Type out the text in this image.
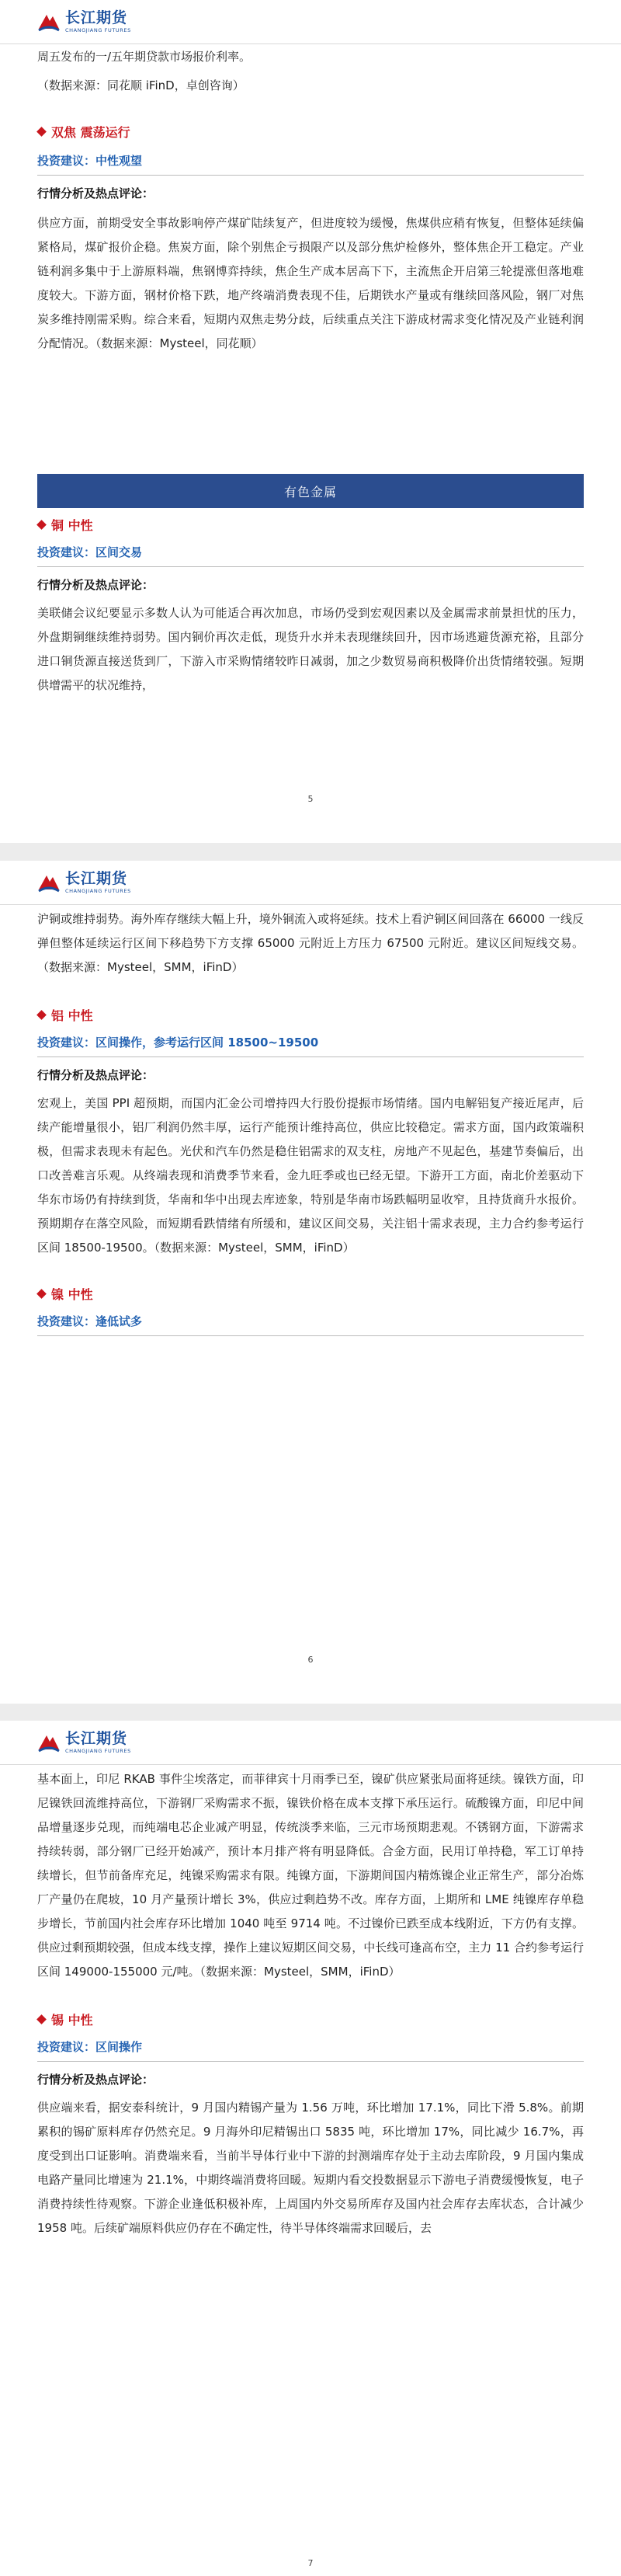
长江期货
CHANGJIANG FUTURES

周五发布的一/五年期贷款市场报价利率。

（数据来源：同花顺 iFinD，卓创咨询）

双焦 震荡运行
投资建议：中性观望
行情分析及热点评论：

供应方面，前期受安全事故影响停产煤矿陆续复产，但进度较为缓慢，焦煤供应稍有恢复，但整体延续偏紧格局，煤矿报价企稳。焦炭方面，除个别焦企亏损限产以及部分焦炉检修外，整体焦企开工稳定。产业链利润多集中于上游原料端，焦钢博弈持续，焦企生产成本居高下下，主流焦企开启第三轮提涨但落地难度较大。下游方面，钢材价格下跌，地产终端消费表现不佳，后期铁水产量或有继续回落风险，钢厂对焦炭多维持刚需采购。综合来看，短期内双焦走势分歧，后续重点关注下游成材需求变化情况及产业链利润分配情况。（数据来源：Mysteel，同花顺）

有色金属
铜 中性
投资建议：区间交易
行情分析及热点评论：

美联储会议纪要显示多数人认为可能适合再次加息，市场仍受到宏观因素以及金属需求前景担忧的压力，外盘期铜继续维持弱势。国内铜价再次走低，现货升水并未表现继续回升，因市场逃避货源充裕，且部分进口铜货源直接送货到厂，下游入市采购情绪较昨日减弱，加之少数贸易商积极降价出货情绪较强。短期供增需平的状况维持，

5
长江期货
CHANGJIANG FUTURES

沪铜或维持弱势。海外库存继续大幅上升，境外铜流入或将延续。技术上看沪铜区间回落在 66000 一线反弹但整体延续运行区间下移趋势下方支撑 65000 元附近上方压力 67500 元附近。建议区间短线交易。（数据来源：Mysteel，SMM，iFinD）

铝 中性
投资建议：区间操作，参考运行区间 18500~19500
行情分析及热点评论：

宏观上，美国 PPI 超预期，而国内汇金公司增持四大行股份提振市场情绪。国内电解铝复产接近尾声，后续产能增量很小，铝厂利润仍然丰厚，运行产能预计维持高位，供应比较稳定。需求方面，国内政策端积极，但需求表现未有起色。光伏和汽车仍然是稳住铝需求的双支柱，房地产不见起色，基建节奏偏后，出口改善难言乐观。从终端表现和消费季节来看，金九旺季或也已经无望。下游开工方面，南北价差驱动下华东市场仍有持续到货，华南和华中出现去库迹象，特别是华南市场跌幅明显收窄，且持货商升水报价。预期期存在落空风险，而短期看跌情绪有所缓和，建议区间交易，关注铝十需求表现，主力合约参考运行区间 18500-19500。（数据来源：Mysteel，SMM，iFinD）

镍 中性
投资建议：逢低试多
6
长江期货
CHANGJIANG FUTURES

基本面上，印尼 RKAB 事件尘埃落定，而菲律宾十月雨季已至，镍矿供应紧张局面将延续。镍铁方面，印尼镍铁回流维持高位，下游钢厂采购需求不振，镍铁价格在成本支撑下承压运行。硫酸镍方面，印尼中间品增量逐步兑现，而纯端电芯企业减产明显，传统淡季来临，三元市场预期悲观。不锈钢方面，下游需求持续转弱，部分钢厂已经开始减产，预计本月排产将有明显降低。合金方面，民用订单持稳，军工订单持续增长，但节前备库充足，纯镍采购需求有限。纯镍方面，下游期间国内精炼镍企业正常生产，部分冶炼厂产量仍在爬坡，10 月产量预计增长 3%，供应过剩趋势不改。库存方面，上期所和 LME 纯镍库存单稳步增长，节前国内社会库存环比增加 1040 吨至 9714 吨。不过镍价已跌至成本线附近，下方仍有支撑。供应过剩预期较强，但成本线支撑，操作上建议短期区间交易，中长线可逢高布空，主力 11 合约参考运行区间 149000-155000 元/吨。（数据来源：Mysteel，SMM，iFinD）

锡 中性
投资建议：区间操作
行情分析及热点评论：

供应端来看，据安泰科统计，9 月国内精锡产量为 1.56 万吨，环比增加 17.1%，同比下滑 5.8%。前期累积的锡矿原料库存仍然充足。9 月海外印尼精锡出口 5835 吨，环比增加 17%，同比减少 16.7%，再度受到出口证影响。消费端来看，当前半导体行业中下游的封测端库存处于主动去库阶段，9 月国内集成电路产量同比增速为 21.1%，中期终端消费将回暖。短期内看交投数据显示下游电子消费缓慢恢复，电子消费持续性待观察。下游企业逢低积极补库，上周国内外交易所库存及国内社会库存去库状态，合计减少 1958 吨。后续矿端原料供应仍存在不确定性，待半导体终端需求回暖后，去

7
